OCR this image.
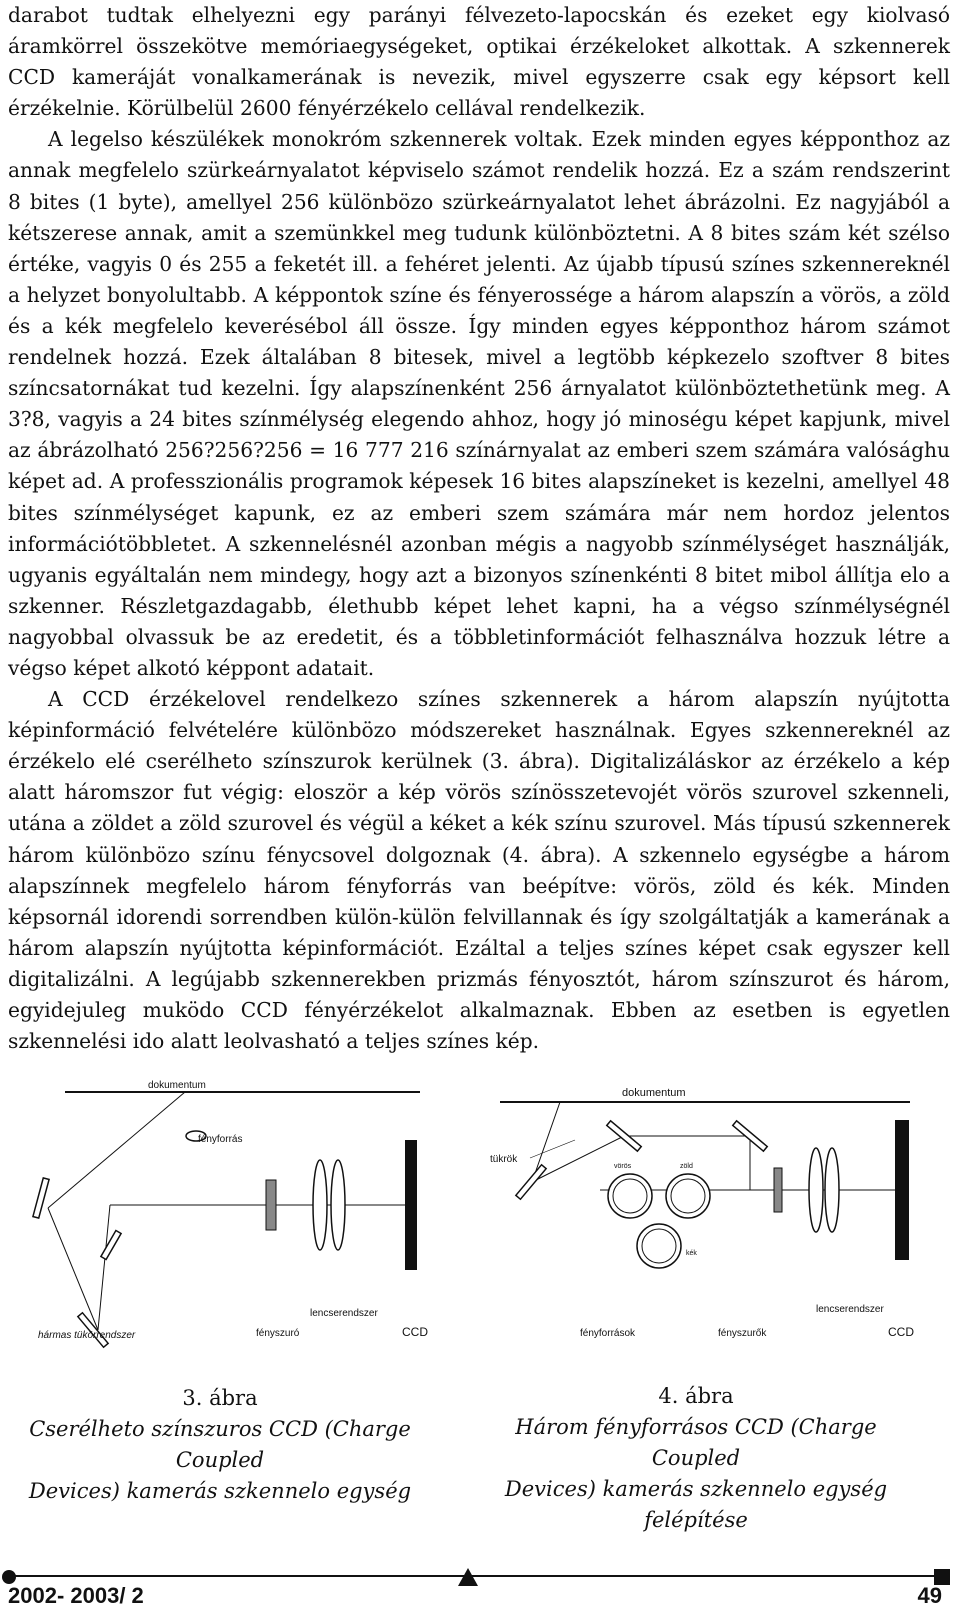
darabot tudtak elhelyezni egy parányi félvezeto-lapocskán és ezeket egy kiolvasó áramkörrel összekötve memóriaegységeket, optikai érzékeloket alkottak. A szkennerek CCD kameráját vonalkamerának is nevezik, mivel egyszerre csak egy képsort kell érzékelnie. Körülbelül 2600 fényérzékelo cellával rendelkezik.

A legelso készülékek monokróm szkennerek voltak. Ezek minden egyes képponthoz az annak megfelelo szürkeárnyalatot képviselo számot rendelik hozzá. Ez a szám rendszerint 8 bites (1 byte), amellyel 256 különbözo szürkeárnyalatot lehet ábrázolni. Ez nagyjából a kétszerese annak, amit a szemünkkel meg tudunk különböztetni. A 8 bites szám két szélso értéke, vagyis 0 és 255 a feketét ill. a fehéret jelenti. Az újabb típusú színes szkennereknél a helyzet bonyolultabb. A képpontok színe és fényerossége a három alapszín a vörös, a zöld és a kék megfelelo keverésébol áll össze. Így minden egyes képponthoz három számot rendelnek hozzá. Ezek általában 8 bitesek, mivel a legtöbb képkezelo szoftver 8 bites színcsatornákat tud kezelni. Így alapszínenként 256 árnyalatot különböztethetünk meg. A 3?8, vagyis a 24 bites színmélység elegendo ahhoz, hogy jó minoségu képet kapjunk, mivel az ábrázolható 256?256?256 = 16 777 216 színárnyalat az emberi szem számára valósághu képet ad. A professzionális programok képesek 16 bites alapszíneket is kezelni, amellyel 48 bites színmélységet kapunk, ez az emberi szem számára már nem hordoz jelentos információtöbbletet. A szkennelésnél azonban mégis a nagyobb színmélységet használják, ugyanis egyáltalán nem mindegy, hogy azt a bizonyos színenkénti 8 bitet mibol állítja elo a szkenner. Részletgazdagabb, élethubb képet lehet kapni, ha a végso színmélységnél nagyobbal olvassuk be az eredetit, és a többletinformációt felhasználva hozzuk létre a végso képet alkotó képpont adatait.

A CCD érzékelovel rendelkezo színes szkennerek a három alapszín nyújtotta képinformáció felvételére különbözo módszereket használnak. Egyes szkennereknél az érzékelo elé cserélheto színszurok kerülnek (3. ábra). Digitalizáláskor az érzékelo a kép alatt háromszor fut végig: eloször a kép vörös színösszetevojét vörös szurovel szkenneli, utána a zöldet a zöld szurovel és végül a kéket a kék színu szurovel. Más típusú szkennerek három különbözo színu fénycsovel dolgoznak (4. ábra). A szkennelo egységbe a három alapszínnek megfelelo három fényforrás van beépítve: vörös, zöld és kék. Minden képsornál idorendi sorrendben külön-külön felvillannak és így szolgáltatják a kamerának a három alapszín nyújtotta képinformációt. Ezáltal a teljes színes képet csak egyszer kell digitalizálni. A legújabb szkennerekben prizmás fényosztót, három színszurot és három, egyidejuleg muködo CCD fényérzékelot alkalmaznak. Ebben az esetben is egyetlen szkennelési ido alatt leolvasható a teljes színes kép.

dokumentum
fényforrás
lencserendszer
hármas tükörrendszer	fényszuró	CCD
3. ábra
Cserélheto színszuros CCD (Charge Coupled
Devices) kamerás szkennelo egység
dokumentum
tükrök
vörös	zöld
kék
lencserendszer
fényforrások	fényszurők	CCD
4. ábra
Három fényforrásos CCD (Charge Coupled
Devices) kamerás szkennelo egység felépítése
2002- 2003/ 2	49
